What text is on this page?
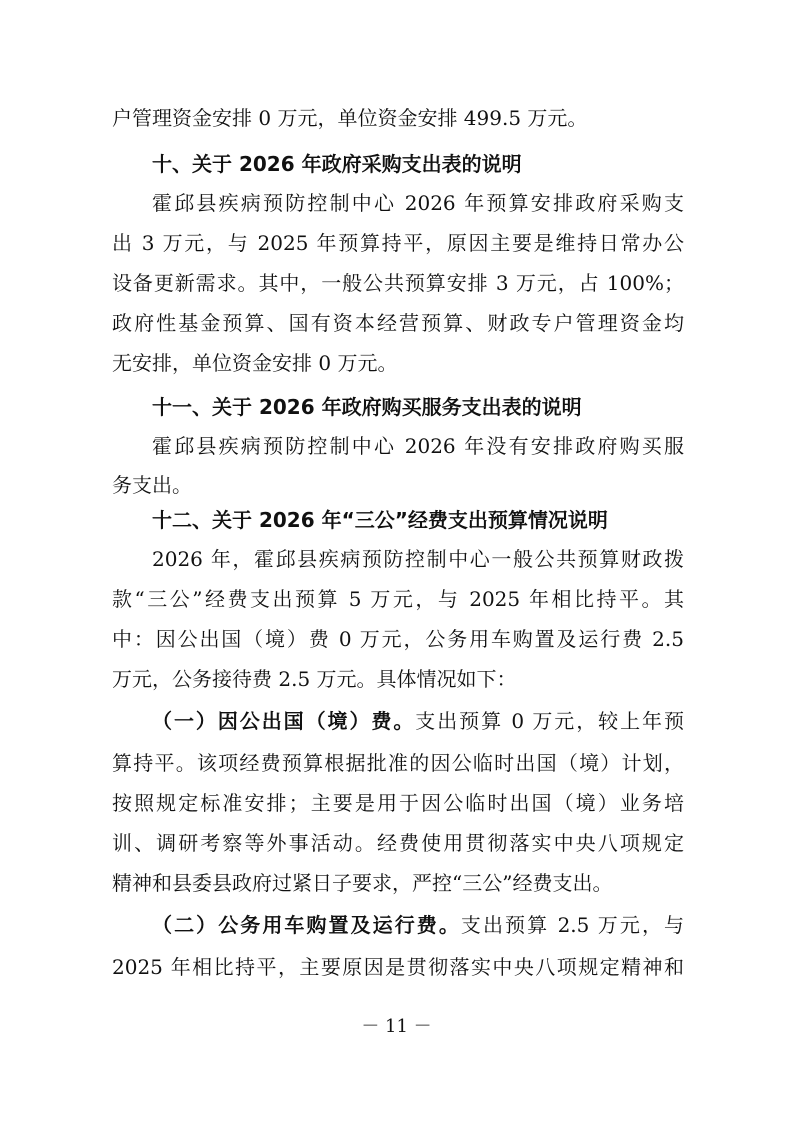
户管理资金安排 0 万元，单位资金安排 499.5 万元。
十、关于 2026 年政府采购支出表的说明
霍邱县疾病预防控制中心 2026 年预算安排政府采购支
出 3 万元，与 2025 年预算持平，原因主要是维持日常办公
设备更新需求。其中，一般公共预算安排 3 万元，占 100%；
政府性基金预算、国有资本经营预算、财政专户管理资金均
无安排，单位资金安排 0 万元。
十一、关于 2026 年政府购买服务支出表的说明
霍邱县疾病预防控制中心 2026 年没有安排政府购买服
务支出。
十二、关于 2026 年“三公”经费支出预算情况说明
2026 年，霍邱县疾病预防控制中心一般公共预算财政拨
款“三公”经费支出预算 5 万元，与 2025 年相比持平。其
中：因公出国（境）费 0 万元，公务用车购置及运行费 2.5
万元，公务接待费 2.5 万元。具体情况如下：
（一）因公出国（境）费。支出预算 0 万元，较上年预
算持平。该项经费预算根据批准的因公临时出国（境）计划，
按照规定标准安排；主要是用于因公临时出国（境）业务培
训、调研考察等外事活动。经费使用贯彻落实中央八项规定
精神和县委县政府过紧日子要求，严控“三公”经费支出。
（二）公务用车购置及运行费。支出预算 2.5 万元，与
2025 年相比持平，主要原因是贯彻落实中央八项规定精神和
－ 11 －
